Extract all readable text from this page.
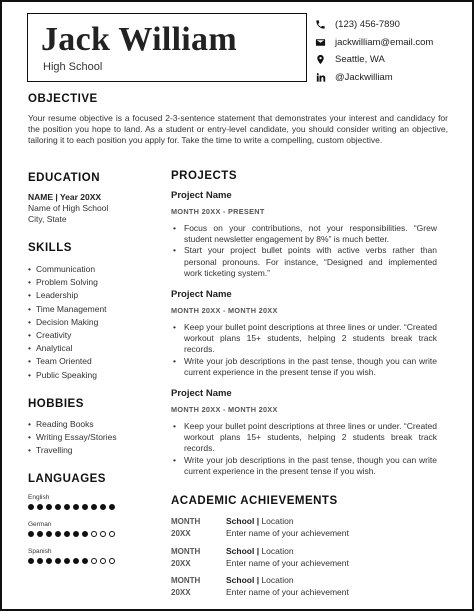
Jack William
High School
(123) 456-7890
jackwilliam@email.com
Seattle, WA
@Jackwilliam
OBJECTIVE
Your resume objective is a focused 2-3-sentence statement that demonstrates your interest and candidacy for the position you hope to land. As a student or entry-level candidate, you should consider writing an objective, tailoring it to each position you apply for. Take the time to write a compelling, custom objective.
EDUCATION
NAME | Year 20XX
Name of High School
City, State
SKILLS
• Communication
• Problem Solving
• Leadership
• Time Management
• Decision Making
• Creativity
• Analytical
• Team Oriented
• Public Speaking
HOBBIES
• Reading Books
• Writing Essay/Stories
• Travelling
LANGUAGES
English
German
Spanish
PROJECTS
Project Name
MONTH 20XX - PRESENT
• Focus on your contributions, not your responsibilities. “Grew student newsletter engagement by 8%” is much better.
• Start your project bullet points with active verbs rather than personal pronouns. For instance, “Designed and implemented work ticketing system.”
Project Name
MONTH 20XX - MONTH 20XX
• Keep your bullet point descriptions at three lines or under. “Created workout plans 15+ students, helping 2 students break track records.
• Write your job descriptions in the past tense, though you can write current experience in the present tense if you wish.
Project Name
MONTH 20XX - MONTH 20XX
• Keep your bullet point descriptions at three lines or under. “Created workout plans 15+ students, helping 2 students break track records.
• Write your job descriptions in the past tense, though you can write current experience in the present tense if you wish.
ACADEMIC ACHIEVEMENTS
MONTH	School | Location
20XX	Enter name of your achievement
MONTH	School | Location
20XX	Enter name of your achievement
MONTH	School | Location
20XX	Enter name of your achievement
